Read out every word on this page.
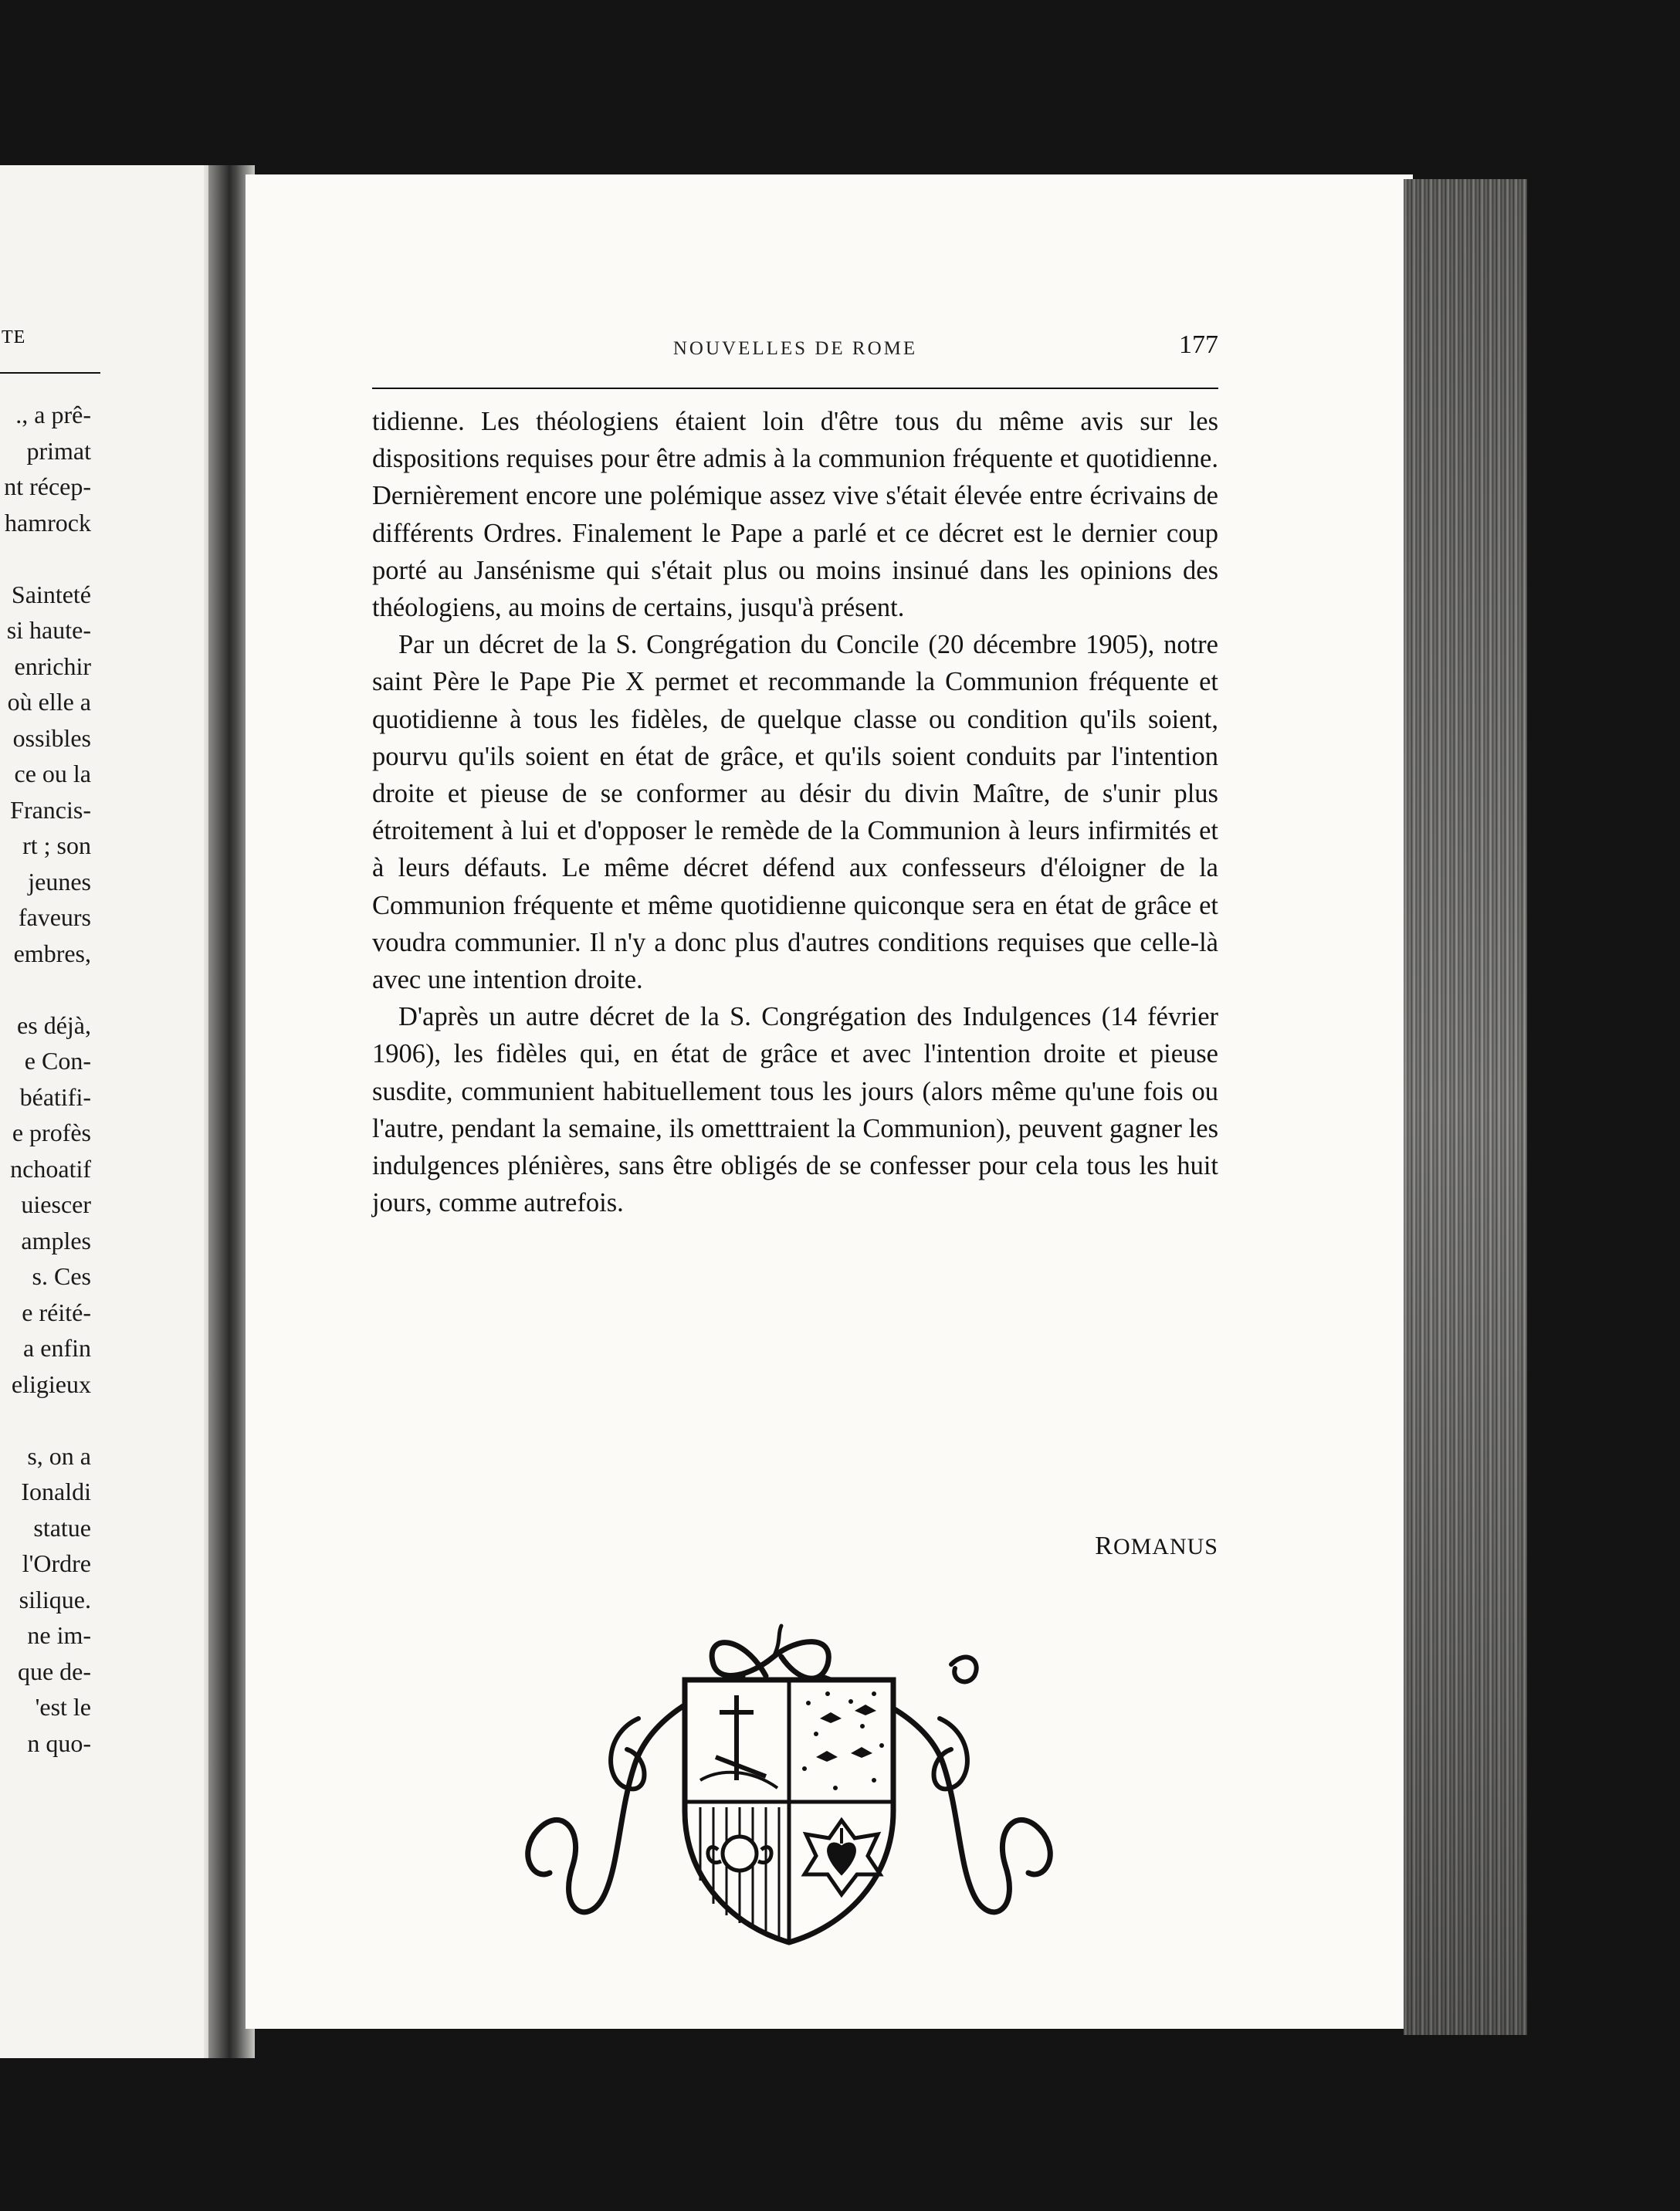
TE
., a prê-
primat
nt récep-
hamrock

Sainteté
si haute-
enrichir
où elle a
ossibles
ce ou la
Francis-
rt ; son
jeunes
faveurs
embres,

es déjà,
e Con-
béatifi-
e profès
nchoatif
uiescer
amples
s. Ces
e réité-
a enfin
eligieux

s, on a
Ionaldi
statue
l'Ordre
silique.
ne im-
que de-
'est le
n quo-
NOUVELLES DE ROME	177

tidienne. Les théologiens étaient loin d'être tous du même avis sur les dispositions requises pour être admis à la communion fréquente et quotidienne. Dernièrement encore une polémique assez vive s'était élevée entre écrivains de différents Ordres. Finalement le Pape a parlé et ce décret est le dernier coup porté au Jansénisme qui s'était plus ou moins insinué dans les opinions des théologiens, au moins de certains, jusqu'à présent.

Par un décret de la S. Congrégation du Concile (20 décembre 1905), notre saint Père le Pape Pie X permet et recommande la Communion fréquente et quotidienne à tous les fidèles, de quelque classe ou condition qu'ils soient, pourvu qu'ils soient en état de grâce, et qu'ils soient conduits par l'intention droite et pieuse de se conformer au désir du divin Maître, de s'unir plus étroitement à lui et d'opposer le remède de la Communion à leurs infirmités et à leurs défauts. Le même décret défend aux confesseurs d'éloigner de la Communion fréquente et même quotidienne quiconque sera en état de grâce et voudra communier. Il n'y a donc plus d'autres conditions requises que celle-là avec une intention droite.

D'après un autre décret de la S. Congrégation des Indulgences (14 février 1906), les fidèles qui, en état de grâce et avec l'intention droite et pieuse susdite, communient habituellement tous les jours (alors même qu'une fois ou l'autre, pendant la semaine, ils ometttraient la Communion), peuvent gagner les indulgences plénières, sans être obligés de se confesser pour cela tous les huit jours, comme autrefois.

ROMANUS
